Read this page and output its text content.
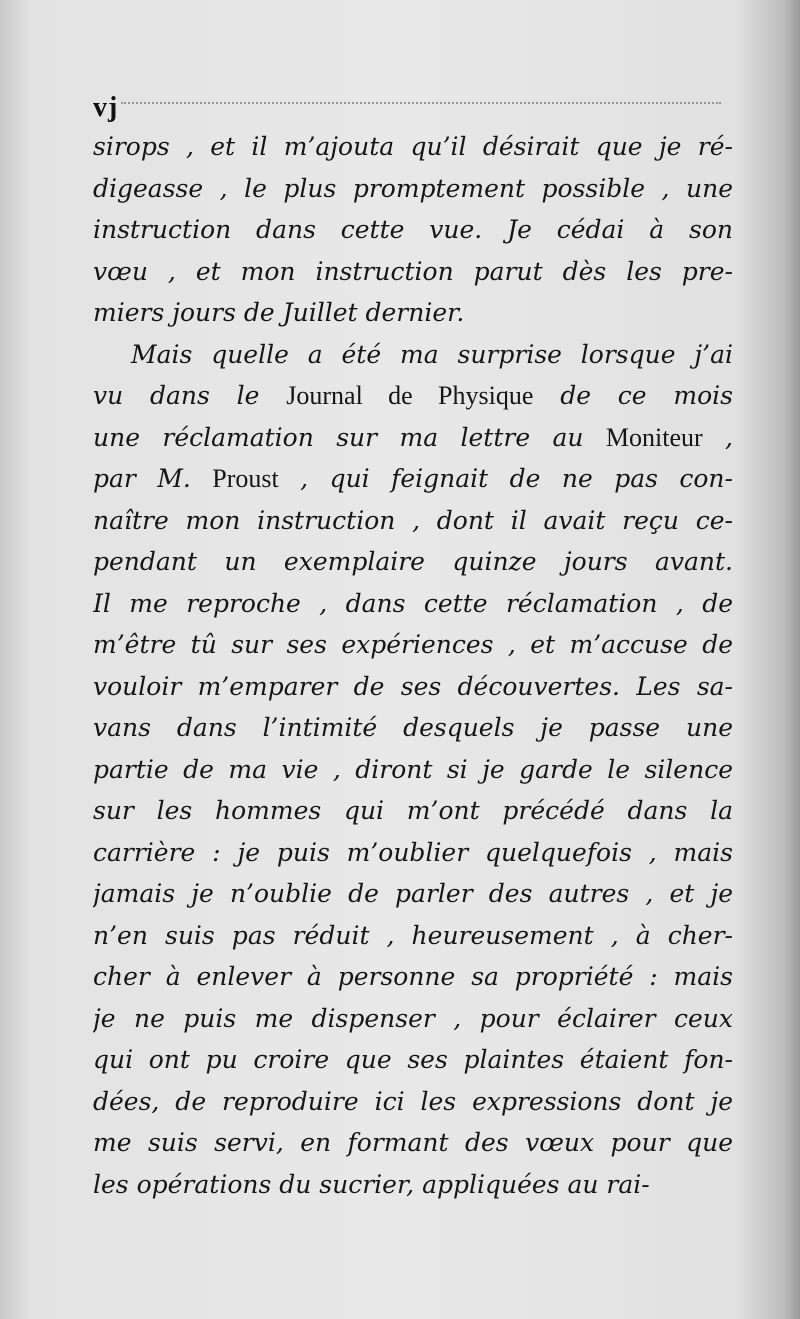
vj
sirops , et il m’ajouta qu’il désirait que je ré-
digeasse , le plus promptement possible , une
instruction dans cette vue. Je cédai à son
vœu , et mon instruction parut dès les pre-
miers jours de Juillet dernier.
Mais quelle a été ma surprise lorsque j’ai
vu dans le Journal de Physique de ce mois
une réclamation sur ma lettre au Moniteur ,
par M. Proust , qui feignait de ne pas con-
naître mon instruction , dont il avait reçu ce-
pendant un exemplaire quinze jours avant.
Il me reproche , dans cette réclamation , de
m’être tû sur ses expériences , et m’accuse de
vouloir m’emparer de ses découvertes. Les sa-
vans dans l’intimité desquels je passe une
partie de ma vie , diront si je garde le silence
sur les hommes qui m’ont précédé dans la
carrière : je puis m’oublier quelquefois , mais
jamais je n’oublie de parler des autres , et je
n’en suis pas réduit , heureusement , à cher-
cher à enlever à personne sa propriété : mais
je ne puis me dispenser , pour éclairer ceux
qui ont pu croire que ses plaintes étaient fon-
dées, de reproduire ici les expressions dont je
me suis servi, en formant des vœux pour que
les opérations du sucrier, appliquées au rai-
